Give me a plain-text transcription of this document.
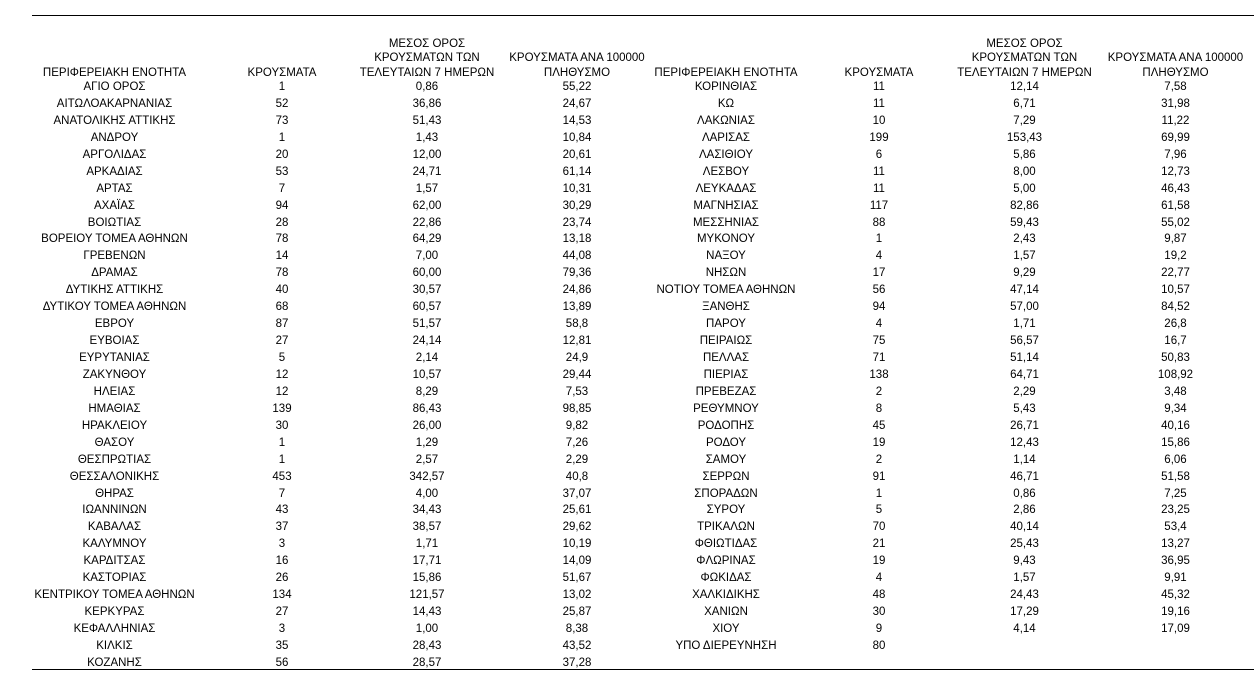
ΠΕΡΙΦΕΡΕΙΑΚΗ ΕΝΟΤΗΤΑ	ΚΡΟΥΣΜΑΤΑ
ΜΕΣΟΣ ΟΡΟΣ
ΚΡΟΥΣΜΑΤΩΝ ΤΩΝ
ΤΕΛΕΥΤΑΙΩΝ 7 ΗΜΕΡΩΝ
ΚΡΟΥΣΜΑΤΑ ΑΝΑ 100000
ΠΛΗΘΥΣΜΟ
ΑΓΙΟ ΟΡΟΣ	1	0,86	55,22
ΑΙΤΩΛΟΑΚΑΡΝΑΝΙΑΣ	52	36,86	24,67
ΑΝΑΤΟΛΙΚΗΣ ΑΤΤΙΚΗΣ	73	51,43	14,53
ΑΝΔΡΟΥ	1	1,43	10,84
ΑΡΓΟΛΙΔΑΣ	20	12,00	20,61
ΑΡΚΑΔΙΑΣ	53	24,71	61,14
ΑΡΤΑΣ	7	1,57	10,31
ΑΧΑΪΑΣ	94	62,00	30,29
ΒΟΙΩΤΙΑΣ	28	22,86	23,74
ΒΟΡΕΙΟΥ ΤΟΜΕΑ ΑΘΗΝΩΝ	78	64,29	13,18
ΓΡΕΒΕΝΩΝ	14	7,00	44,08
ΔΡΑΜΑΣ	78	60,00	79,36
ΔΥΤΙΚΗΣ ΑΤΤΙΚΗΣ	40	30,57	24,86
ΔΥΤΙΚΟΥ ΤΟΜΕΑ ΑΘΗΝΩΝ	68	60,57	13,89
ΕΒΡΟΥ	87	51,57	58,8
ΕΥΒΟΙΑΣ	27	24,14	12,81
ΕΥΡΥΤΑΝΙΑΣ	5	2,14	24,9
ΖΑΚΥΝΘΟΥ	12	10,57	29,44
ΗΛΕΙΑΣ	12	8,29	7,53
ΗΜΑΘΙΑΣ	139	86,43	98,85
ΗΡΑΚΛΕΙΟΥ	30	26,00	9,82
ΘΑΣΟΥ	1	1,29	7,26
ΘΕΣΠΡΩΤΙΑΣ	1	2,57	2,29
ΘΕΣΣΑΛΟΝΙΚΗΣ	453	342,57	40,8
ΘΗΡΑΣ	7	4,00	37,07
ΙΩΑΝΝΙΝΩΝ	43	34,43	25,61
ΚΑΒΑΛΑΣ	37	38,57	29,62
ΚΑΛΥΜΝΟΥ	3	1,71	10,19
ΚΑΡΔΙΤΣΑΣ	16	17,71	14,09
ΚΑΣΤΟΡΙΑΣ	26	15,86	51,67
ΚΕΝΤΡΙΚΟΥ ΤΟΜΕΑ ΑΘΗΝΩΝ	134	121,57	13,02
ΚΕΡΚΥΡΑΣ	27	14,43	25,87
ΚΕΦΑΛΛΗΝΙΑΣ	3	1,00	8,38
ΚΙΛΚΙΣ	35	28,43	43,52
ΚΟΖΑΝΗΣ	56	28,57	37,28
ΠΕΡΙΦΕΡΕΙΑΚΗ ΕΝΟΤΗΤΑ	ΚΡΟΥΣΜΑΤΑ
ΜΕΣΟΣ ΟΡΟΣ
ΚΡΟΥΣΜΑΤΩΝ ΤΩΝ
ΤΕΛΕΥΤΑΙΩΝ 7 ΗΜΕΡΩΝ
ΚΡΟΥΣΜΑΤΑ ΑΝΑ 100000
ΠΛΗΘΥΣΜΟ
ΚΟΡΙΝΘΙΑΣ	11	12,14	7,58
ΚΩ	11	6,71	31,98
ΛΑΚΩΝΙΑΣ	10	7,29	11,22
ΛΑΡΙΣΑΣ	199	153,43	69,99
ΛΑΣΙΘΙΟΥ	6	5,86	7,96
ΛΕΣΒΟΥ	11	8,00	12,73
ΛΕΥΚΑΔΑΣ	11	5,00	46,43
ΜΑΓΝΗΣΙΑΣ	117	82,86	61,58
ΜΕΣΣΗΝΙΑΣ	88	59,43	55,02
ΜΥΚΟΝΟΥ	1	2,43	9,87
ΝΑΞΟΥ	4	1,57	19,2
ΝΗΣΩΝ	17	9,29	22,77
ΝΟΤΙΟΥ ΤΟΜΕΑ ΑΘΗΝΩΝ	56	47,14	10,57
ΞΑΝΘΗΣ	94	57,00	84,52
ΠΑΡΟΥ	4	1,71	26,8
ΠΕΙΡΑΙΩΣ	75	56,57	16,7
ΠΕΛΛΑΣ	71	51,14	50,83
ΠΙΕΡΙΑΣ	138	64,71	108,92
ΠΡΕΒΕΖΑΣ	2	2,29	3,48
ΡΕΘΥΜΝΟΥ	8	5,43	9,34
ΡΟΔΟΠΗΣ	45	26,71	40,16
ΡΟΔΟΥ	19	12,43	15,86
ΣΑΜΟΥ	2	1,14	6,06
ΣΕΡΡΩΝ	91	46,71	51,58
ΣΠΟΡΑΔΩΝ	1	0,86	7,25
ΣΥΡΟΥ	5	2,86	23,25
ΤΡΙΚΑΛΩΝ	70	40,14	53,4
ΦΘΙΩΤΙΔΑΣ	21	25,43	13,27
ΦΛΩΡΙΝΑΣ	19	9,43	36,95
ΦΩΚΙΔΑΣ	4	1,57	9,91
ΧΑΛΚΙΔΙΚΗΣ	48	24,43	45,32
ΧΑΝΙΩΝ	30	17,29	19,16
ΧΙΟΥ	9	4,14	17,09
ΥΠΟ ΔΙΕΡΕΥΝΗΣΗ	80
